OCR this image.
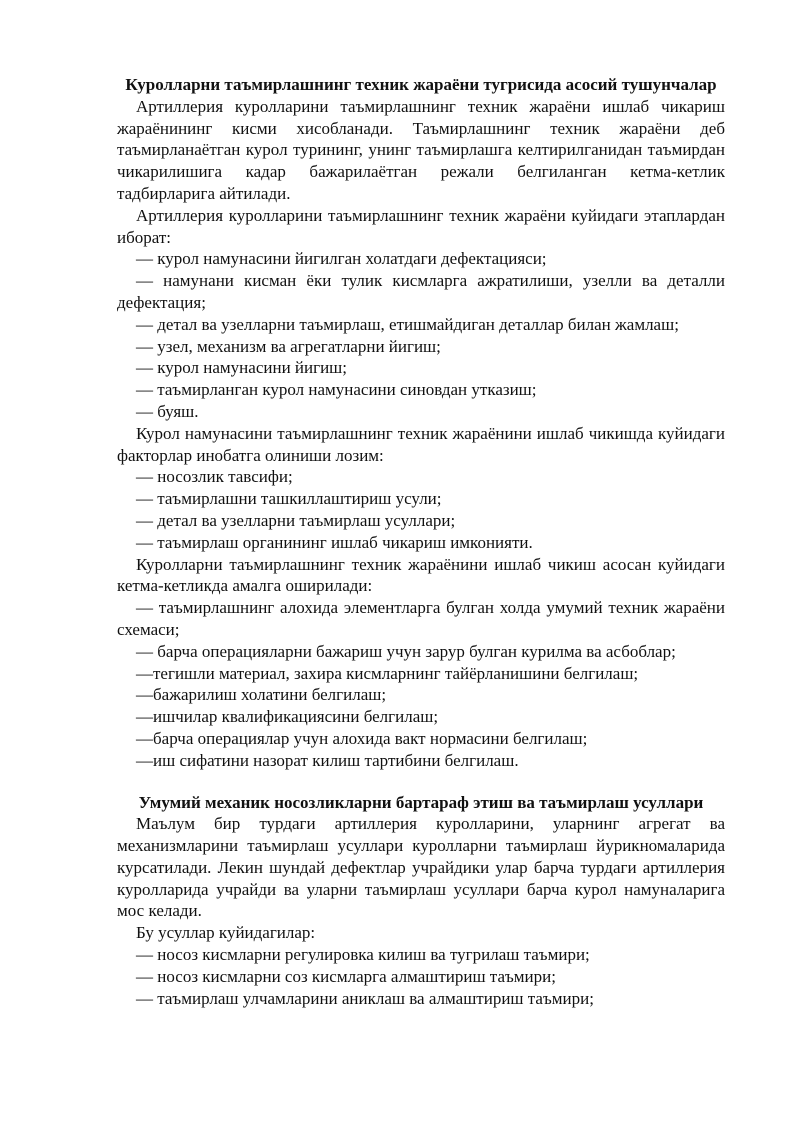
Куролларни таъмирлашнинг техник жараёни тугрисида асосий тушунчалар

Артиллерия куролларини таъмирлашнинг техник жараёни ишлаб чикариш жараёнининг кисми хисобланади. Таъмирлашнинг техник жараёни деб таъмирланаётган курол турининг, унинг таъмирлашга келтирилганидан таъмирдан чикарилишига кадар бажарилаётган режали белгиланган кетма-кетлик тадбирларига айтилади.

Артиллерия куролларини таъмирлашнинг техник жараёни куйидаги этаплардан иборат:

— курол намунасини йигилган холатдаги дефектацияси;

— намунани кисман ёки тулик кисмларга ажратилиши, узелли ва деталли дефектация;

— детал ва узелларни таъмирлаш, етишмайдиган деталлар билан жамлаш;

— узел, механизм ва агрегатларни йигиш;

— курол намунасини йигиш;

— таъмирланган курол намунасини синовдан утказиш;

— буяш.

Курол намунасини таъмирлашнинг техник жараёнини ишлаб чикишда куйидаги факторлар инобатга олиниши лозим:

— носозлик тавсифи;

— таъмирлашни ташкиллаштириш усули;

— детал ва узелларни таъмирлаш усуллари;

— таъмирлаш органининг ишлаб чикариш имконияти.

Куролларни таъмирлашнинг техник жараёнини ишлаб чикиш асосан куйидаги кетма-кетликда амалга оширилади:

— таъмирлашнинг алохида элементларга булган холда умумий техник жараёни схемаси;

— барча операцияларни бажариш учун зарур булган курилма ва асбоблар;

—тегишли материал, захира кисмларнинг тайёрланишини белгилаш;

—бажарилиш холатини белгилаш;

—ишчилар квалификациясини белгилаш;

—барча операциялар учун алохида вакт нормасини белгилаш;

—иш сифатини назорат килиш тартибини белгилаш.

Умумий механик носозликларни бартараф этиш ва таъмирлаш усуллари

Маълум бир турдаги артиллерия куролларини, уларнинг агрегат ва механизмларини таъмирлаш усуллари куролларни таъмирлаш йурикномаларида курсатилади. Лекин шундай дефектлар учрайдики улар барча турдаги артиллерия куролларида учрайди ва уларни таъмирлаш усуллари барча курол намуналарига мос келади.

Бу усуллар куйидагилар:

— носоз кисмларни регулировка килиш ва тугрилаш таъмири;

— носоз кисмларни соз кисмларга алмаштириш таъмири;

— таъмирлаш улчамларини аниклаш ва алмаштириш таъмири;
